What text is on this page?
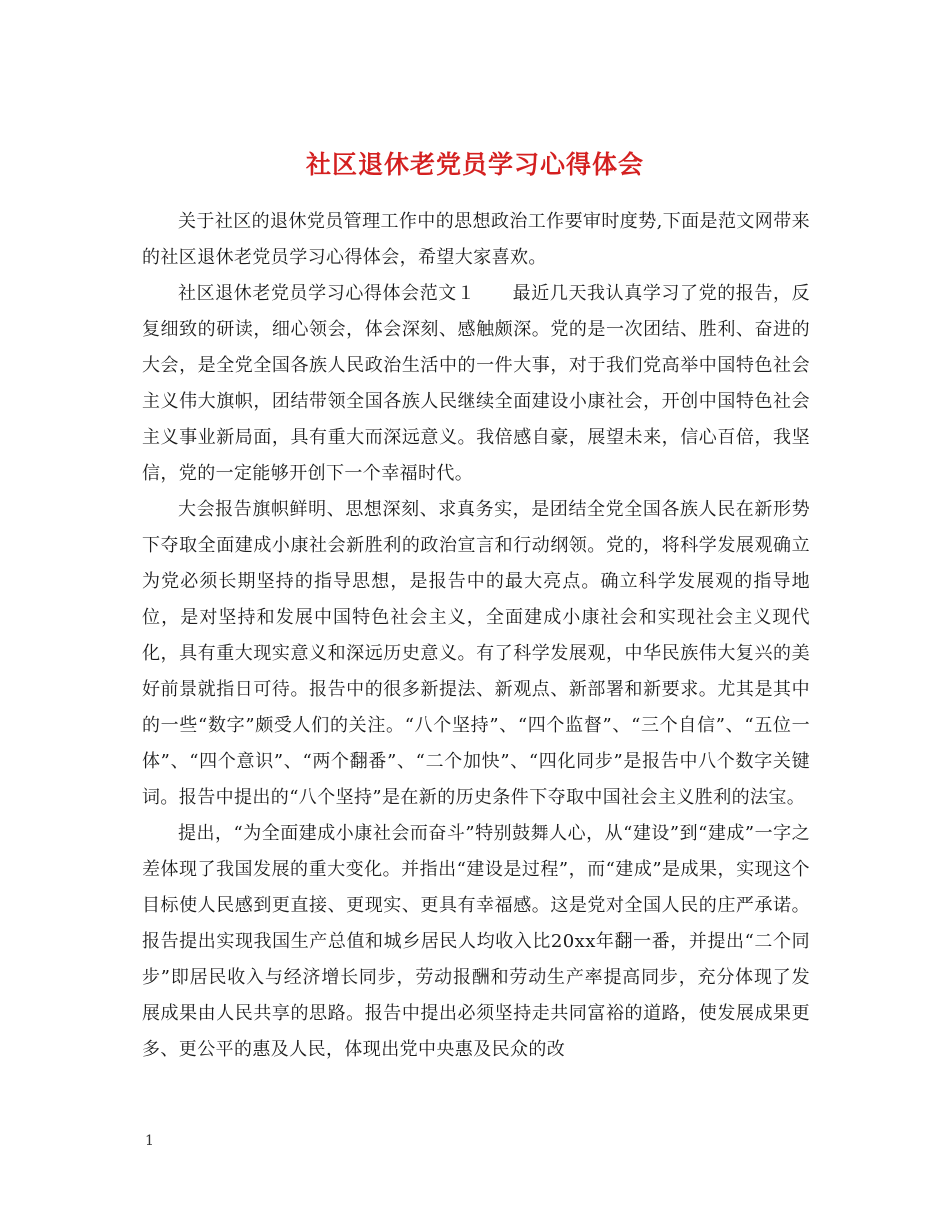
社区退休老党员学习心得体会

关于社区的退休党员管理工作中的思想政治工作要审时度势,下面是范文网带来的社区退休老党员学习心得体会，希望大家喜欢。

社区退休老党员学习心得体会范文１　　最近几天我认真学习了党的报告，反复细致的研读，细心领会，体会深刻、感触颇深。党的是一次团结、胜利、奋进的大会，是全党全国各族人民政治生活中的一件大事，对于我们党高举中国特色社会主义伟大旗帜，团结带领全国各族人民继续全面建设小康社会，开创中国特色社会主义事业新局面，具有重大而深远意义。我倍感自豪，展望未来，信心百倍，我坚信，党的一定能够开创下一个幸福时代。

大会报告旗帜鲜明、思想深刻、求真务实，是团结全党全国各族人民在新形势下夺取全面建成小康社会新胜利的政治宣言和行动纲领。党的，将科学发展观确立为党必须长期坚持的指导思想，是报告中的最大亮点。确立科学发展观的指导地位，是对坚持和发展中国特色社会主义，全面建成小康社会和实现社会主义现代化，具有重大现实意义和深远历史意义。有了科学发展观，中华民族伟大复兴的美好前景就指日可待。报告中的很多新提法、新观点、新部署和新要求。尤其是其中的一些“数字”颇受人们的关注。“八个坚持”、“四个监督”、“三个自信”、“五位一体”、“四个意识”、“两个翻番”、“二个加快”、“四化同步”是报告中八个数字关键词。报告中提出的“八个坚持”是在新的历史条件下夺取中国社会主义胜利的法宝。

提出，“为全面建成小康社会而奋斗”特别鼓舞人心，从“建设”到“建成”一字之差体现了我国发展的重大变化。并指出“建设是过程”，而“建成”是成果，实现这个目标使人民感到更直接、更现实、更具有幸福感。这是党对全国人民的庄严承诺。报告提出实现我国生产总值和城乡居民人均收入比20xx年翻一番，并提出“二个同步”即居民收入与经济增长同步，劳动报酬和劳动生产率提高同步，充分体现了发展成果由人民共享的思路。报告中提出必须坚持走共同富裕的道路，使发展成果更多、更公平的惠及人民，体现出党中央惠及民众的改

1
